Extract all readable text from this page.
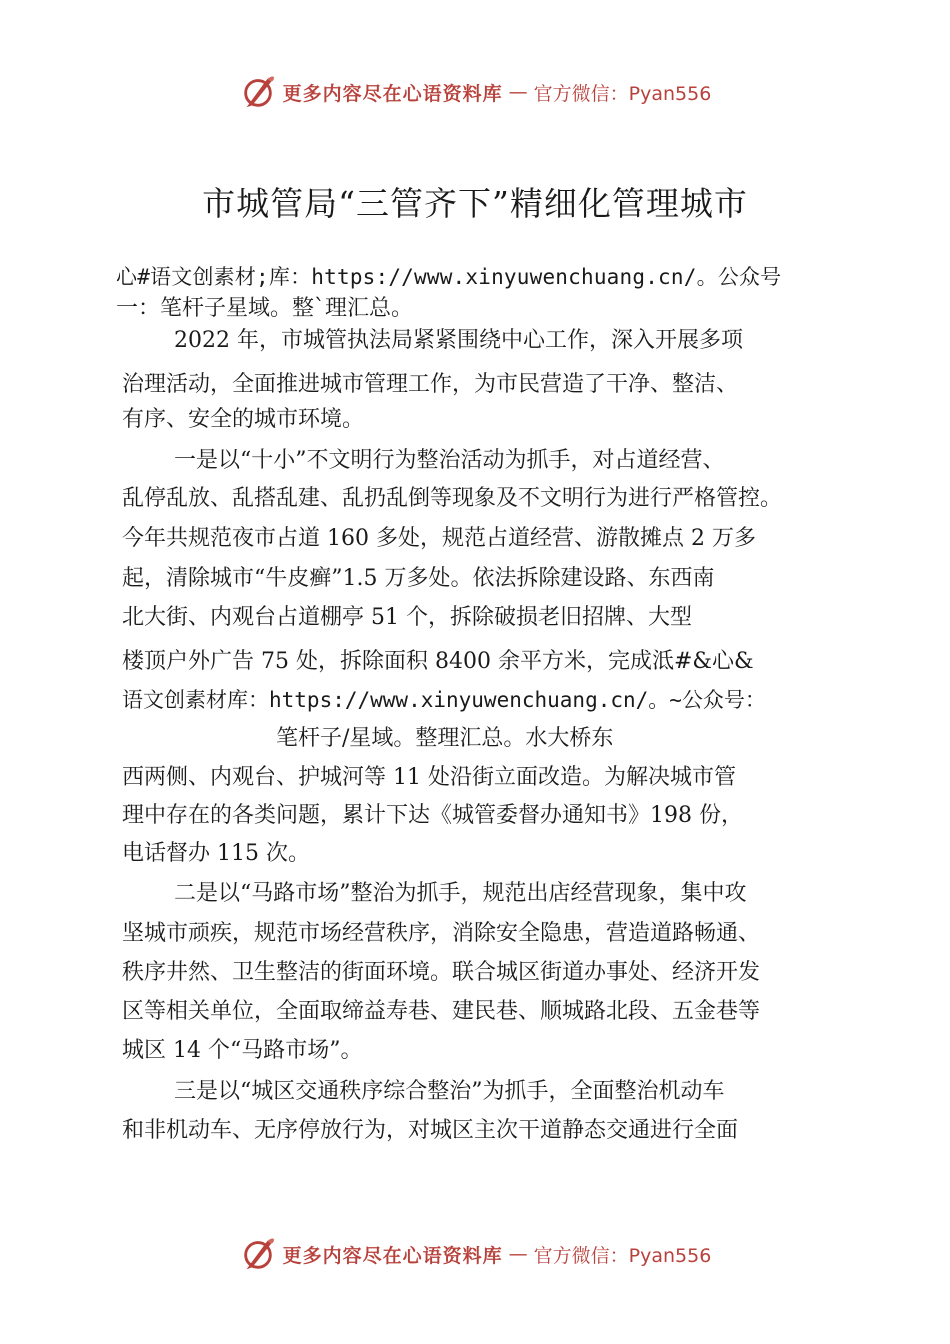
更多内容尽在心语资料库 — 官方微信：Pyan556
市城管局“三管齐下”精细化管理城市
心#语文创素材;库：https://www.xinyuwenchuang.cn/。公众号
一：笔杆子星域。整`理汇总。
2022 年，市城管执法局紧紧围绕中心工作，深入开展多项
治理活动，全面推进城市管理工作，为市民营造了干净、整洁、
有序、安全的城市环境。
一是以“十小”不文明行为整治活动为抓手，对占道经营、
乱停乱放、乱搭乱建、乱扔乱倒等现象及不文明行为进行严格管控。
今年共规范夜市占道 160 多处，规范占道经营、游散摊点 2 万多
起，清除城市“牛皮癣”1.5 万多处。依法拆除建设路、东西南
北大街、内观台占道棚亭 51 个，拆除破损老旧招牌、大型
楼顶户外广告 75 处，拆除面积 8400 余平方米，完成泜#&心&
语文创素材库：https://www.xinyuwenchuang.cn/。~公众号：
笔杆子/星域。整理汇总。水大桥东
西两侧、内观台、护城河等 11 处沿街立面改造。为解决城市管
理中存在的各类问题，累计下达《城管委督办通知书》198 份，
电话督办 115 次。
二是以“马路市场”整治为抓手，规范出店经营现象，集中攻
坚城市顽疾，规范市场经营秩序，消除安全隐患，营造道路畅通、
秩序井然、卫生整洁的街面环境。联合城区街道办事处、经济开发
区等相关单位，全面取缔益寿巷、建民巷、顺城路北段、五金巷等
城区 14 个“马路市场”。
三是以“城区交通秩序综合整治”为抓手，全面整治机动车
和非机动车、无序停放行为，对城区主次干道静态交通进行全面
更多内容尽在心语资料库 — 官方微信：Pyan556
